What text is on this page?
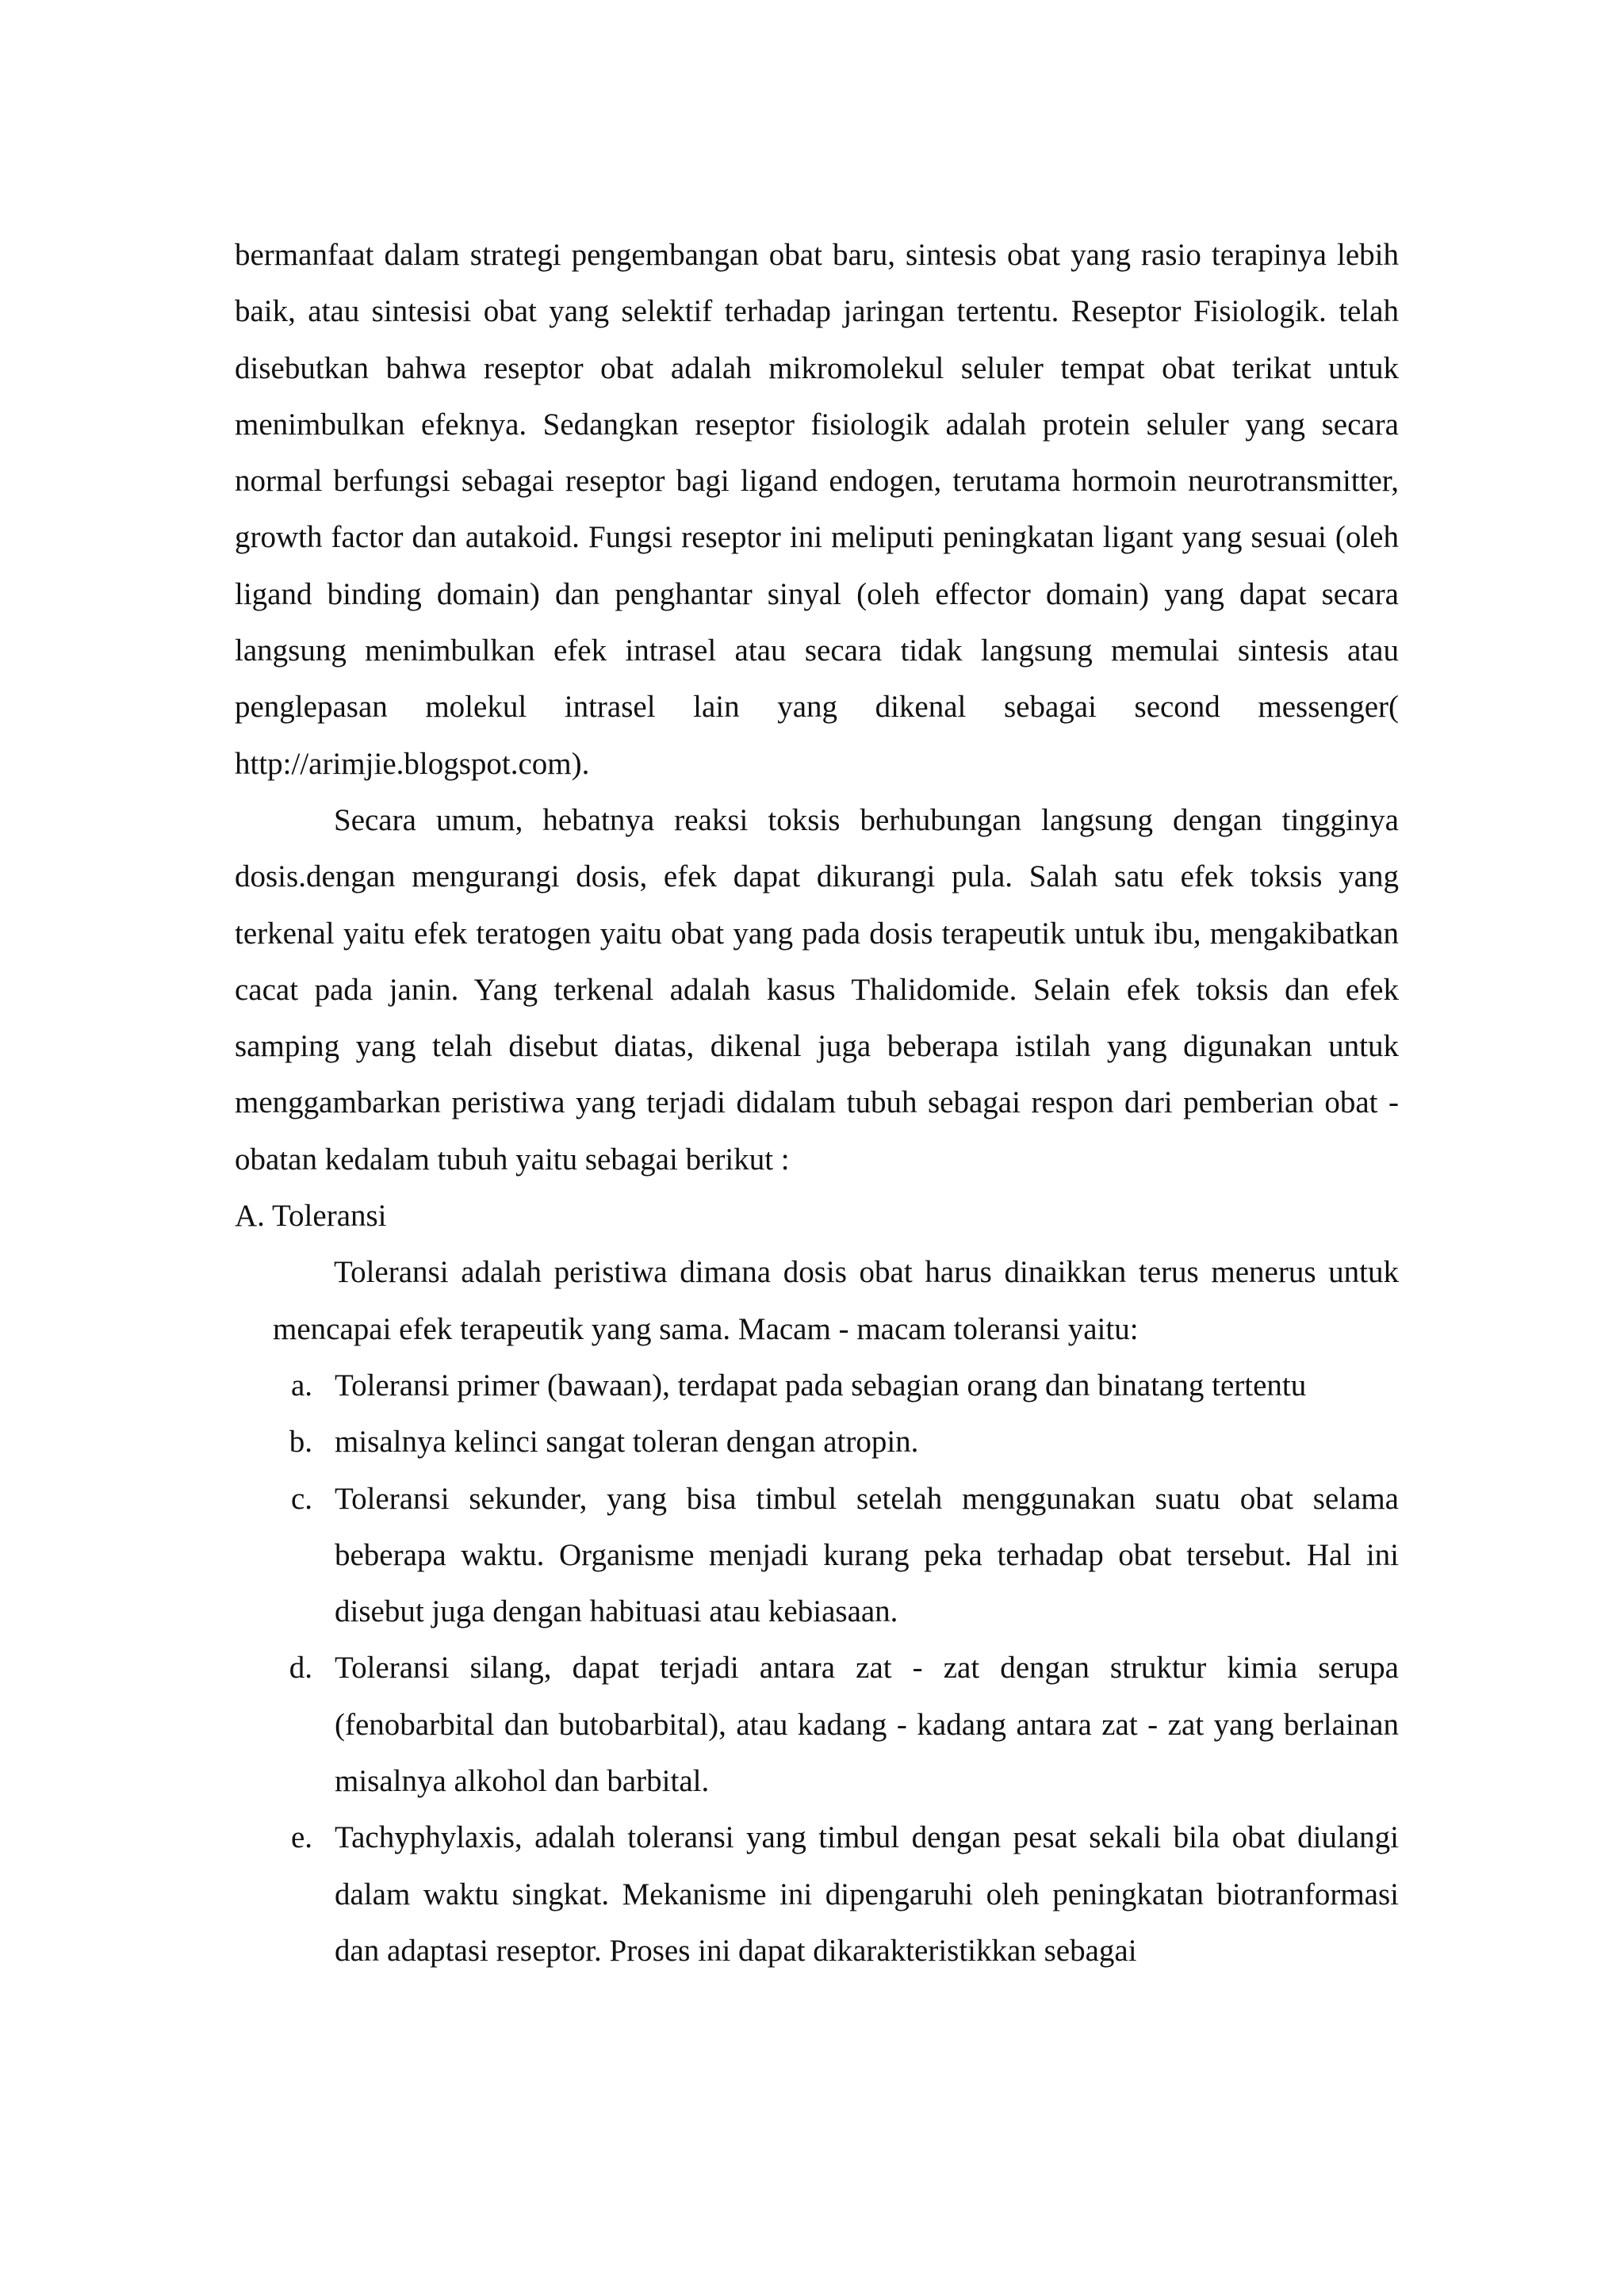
bermanfaat dalam strategi pengembangan obat baru, sintesis obat yang rasio terapinya lebih baik, atau sintesisi obat yang selektif terhadap jaringan tertentu. Reseptor Fisiologik. telah disebutkan bahwa reseptor obat adalah mikromolekul seluler tempat obat terikat untuk menimbulkan efeknya. Sedangkan reseptor fisiologik adalah protein seluler yang secara normal berfungsi sebagai reseptor bagi ligand endogen, terutama hormoin neurotransmitter, growth factor dan autakoid. Fungsi reseptor ini meliputi peningkatan ligant yang sesuai (oleh ligand binding domain) dan penghantar sinyal (oleh effector domain) yang dapat secara langsung menimbulkan efek intrasel atau secara tidak langsung memulai sintesis atau penglepasan molekul intrasel lain yang dikenal sebagai second messenger( http://arimjie.blogspot.com).

Secara umum, hebatnya reaksi toksis berhubungan langsung dengan tingginya dosis.dengan mengurangi dosis, efek dapat dikurangi pula. Salah satu efek toksis yang terkenal yaitu efek teratogen yaitu obat yang pada dosis terapeutik untuk ibu, mengakibatkan cacat pada janin. Yang terkenal adalah kasus Thalidomide. Selain efek toksis dan efek samping yang telah disebut diatas, dikenal juga beberapa istilah yang digunakan untuk menggambarkan peristiwa yang terjadi didalam tubuh sebagai respon dari pemberian obat - obatan kedalam tubuh yaitu sebagai berikut :

A. Toleransi

Toleransi adalah peristiwa dimana dosis obat harus dinaikkan terus menerus untuk mencapai efek terapeutik yang sama. Macam - macam toleransi yaitu:

a. Toleransi primer (bawaan), terdapat pada sebagian orang dan binatang tertentu
b. misalnya kelinci sangat toleran dengan atropin.
c. Toleransi sekunder, yang bisa timbul setelah menggunakan suatu obat selama beberapa waktu. Organisme menjadi kurang peka terhadap obat tersebut. Hal ini disebut juga dengan habituasi atau kebiasaan.
d. Toleransi silang, dapat terjadi antara zat - zat dengan struktur kimia serupa (fenobarbital dan butobarbital), atau kadang - kadang antara zat - zat yang berlainan misalnya alkohol dan barbital.
e. Tachyphylaxis, adalah toleransi yang timbul dengan pesat sekali bila obat diulangi dalam waktu singkat. Mekanisme ini dipengaruhi oleh peningkatan biotranformasi dan adaptasi reseptor. Proses ini dapat dikarakteristikkan sebagai
